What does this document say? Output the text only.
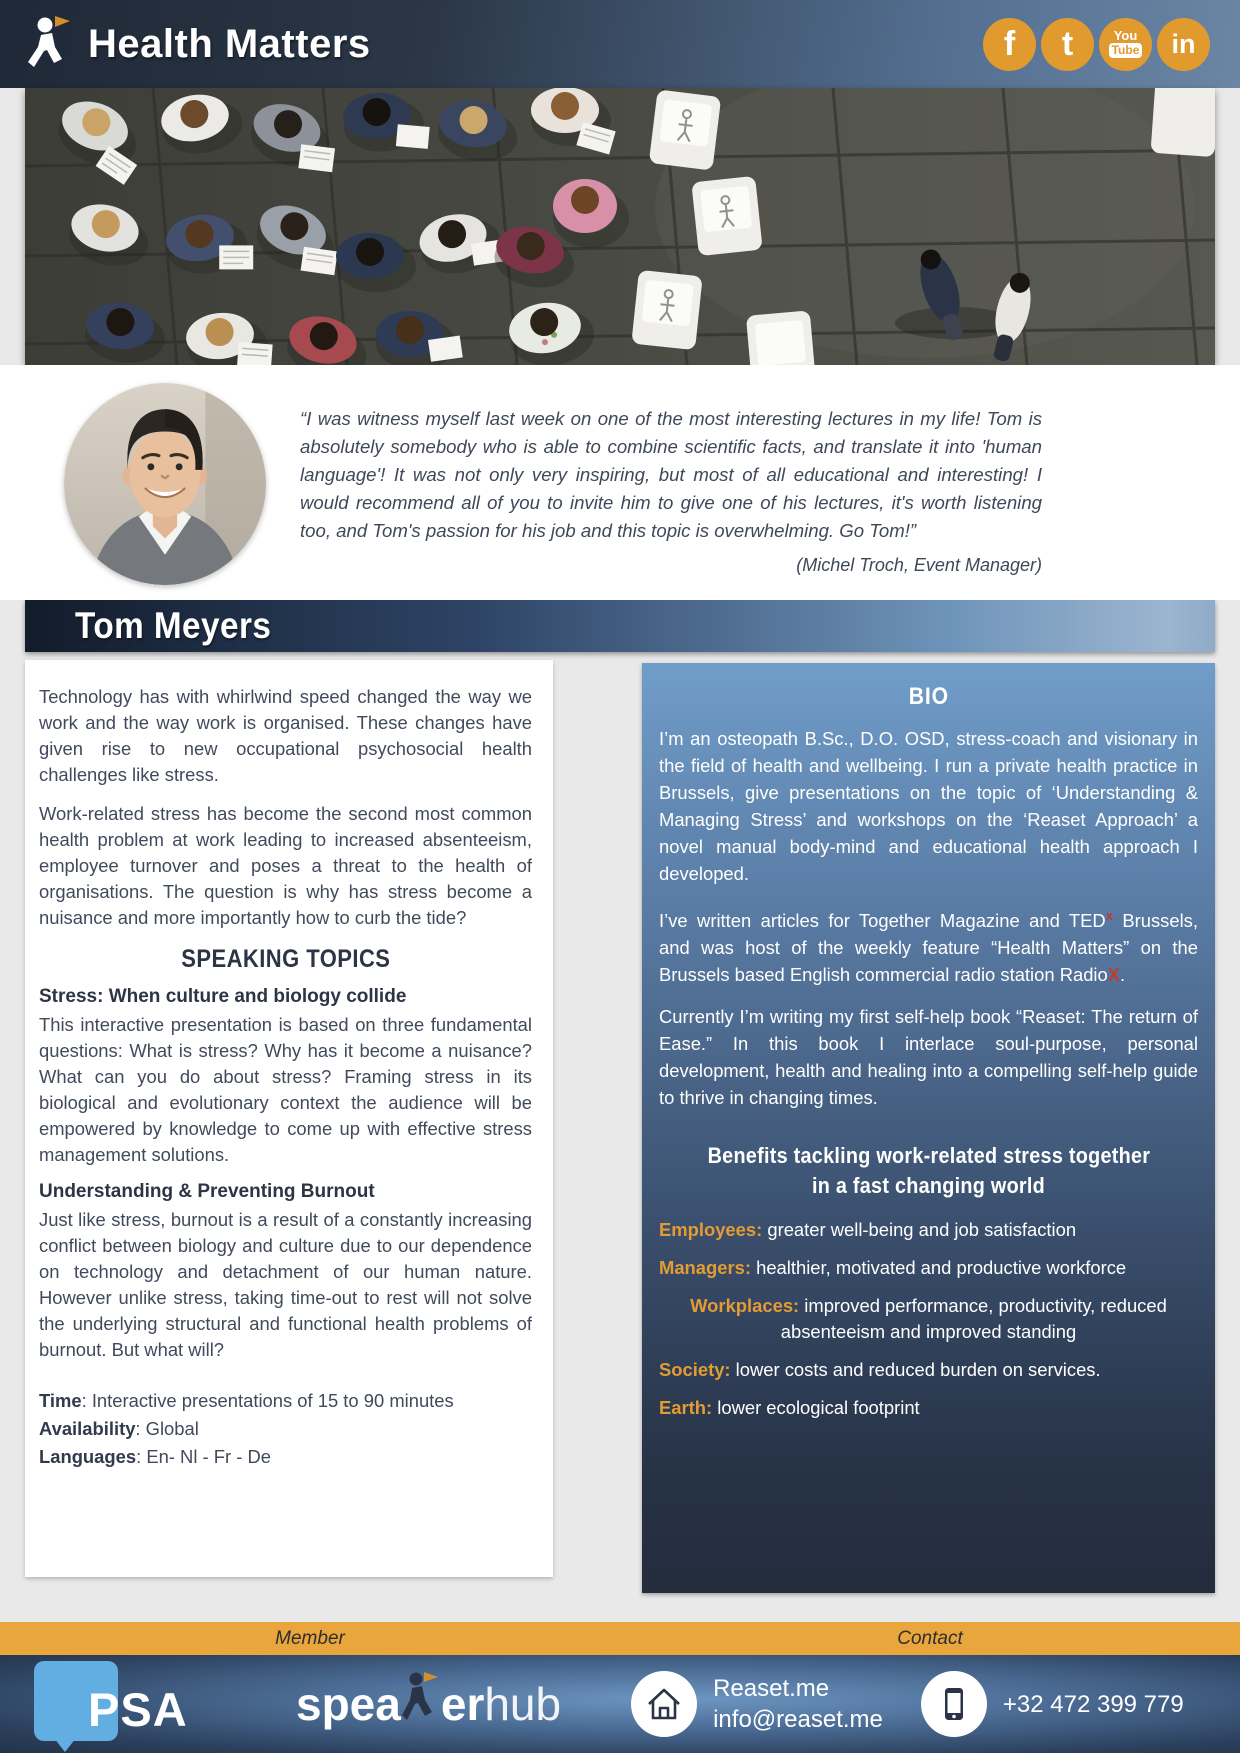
Health Matters	f t	You
Tube in

“I was witness myself last week on one of the most interesting lectures in my life! Tom is absolutely somebody who is able to combine scientific facts, and translate it into 'human language'! It was not only very inspiring, but most of all educational and interesting! I would recommend all of you to invite him to give one of his lectures, it's worth listening too, and Tom's passion for his job and this topic is overwhelming. Go Tom!”

(Michel Troch, Event Manager)

Tom Meyers

Technology has with whirlwind speed changed the way we work and the way work is organised. These changes have given rise to new occupational psychosocial health challenges like stress.

Work-related stress has become the second most common health problem at work leading to increased absenteeism, employee turnover and poses a threat to the health of organisations. The question is why has stress become a nuisance and more importantly how to curb the tide?

SPEAKING TOPICS
Stress: When culture and biology collide

This interactive presentation is based on three fundamental questions: What is stress? Why has it become a nuisance? What can you do about stress? Framing stress in its biological and evolutionary context the audience will be empowered by knowledge to come up with effective stress management solutions.

Understanding & Preventing Burnout

Just like stress, burnout is a result of a constantly increasing conflict between biology and culture due to our dependence on technology and detachment of our human nature. However unlike stress, taking time-out to rest will not solve the underlying structural and functional health problems of burnout. But what will?

Time: Interactive presentations of 15 to 90 minutes
Availability: Global
Languages: En- Nl - Fr - De
BIO

I’m an osteopath B.Sc., D.O. OSD, stress-coach and visionary in the field of health and wellbeing. I run a private health practice in Brussels, give presentations on the topic of ‘Understanding & Managing Stress’ and workshops on the ‘Reaset Approach’ a novel manual body-mind and educational health approach I developed.

I’ve written articles for Together Magazine and TED$^x$ Brussels, and was host of the weekly feature “Health Matters” on the Brussels based English commercial radio station RadioX.

Currently I’m writing my first self-help book “Reaset: The return of Ease.” In this book I interlace soul-purpose, personal development, health and healing into a compelling self-help guide to thrive in changing times.

Benefits tackling work-related stress together
in a fast changing world
Employees: greater well-being and job satisfaction
Managers: healthier, motivated and productive workforce
Workplaces: improved performance, productivity, reduced absenteeism and improved standing
Society: lower costs and reduced burden on services.
Earth: lower ecological footprint
Member	Contact
PSA spea er hub	Reaset.me
info@reaset.me
+32 472 399 779
